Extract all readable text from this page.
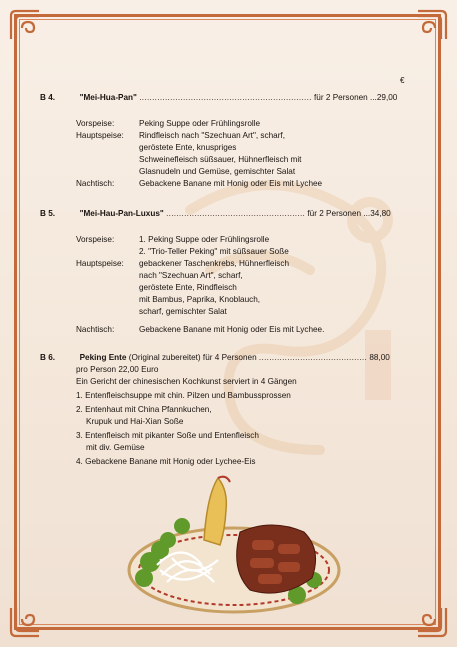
€
B 4.	"Mei-Hua-Pan" ................................................................... für 2 Personen ...29,00
Vorspeise:	Peking Suppe oder Frühlingsrolle
Hauptspeise: Rindfleisch nach "Szechuan Art", scharf,
geröstete Ente, knuspriges
Schweinefleisch süßsauer, Hühnerfleisch mit
Glasnudeln und Gemüse, gemischter Salat
Nachtisch:	Gebackene Banane mit Honig oder Eis mit Lychee
B 5.	"Mei-Hau-Pan-Luxus" ...................................................... für 2 Personen ...34,80
Vorspeise:	1. Peking Suppe oder Frühlingsrolle
2. "Trio-Teller Peking" mit süßsauer Soße
Hauptspeise: gebackener Taschenkrebs, Hühnerfleisch
nach "Szechuan Art", scharf,
geröstete Ente, Rindfleisch
mit Bambus, Paprika, Knoblauch,
scharf, gemischter Salat
Nachtisch:	Gebackene Banane mit Honig oder Eis mit Lychee.
B 6.	Peking Ente (Original zubereitet) für 4 Personen .......................................... 88,00
pro Person 22,00 Euro
Ein Gericht der chinesischen Kochkunst serviert in 4 Gängen
1. Entenfleischsuppe mit chin. Pilzen und Bambussprossen
2. Entenhaut mit China Pfannkuchen,
Krupuk und Hai-Xian Soße
3. Entenfleisch mit pikanter Soße und Entenfleisch
mit div. Gemüse
4. Gebackene Banane mit Honig oder Lychee-Eis
